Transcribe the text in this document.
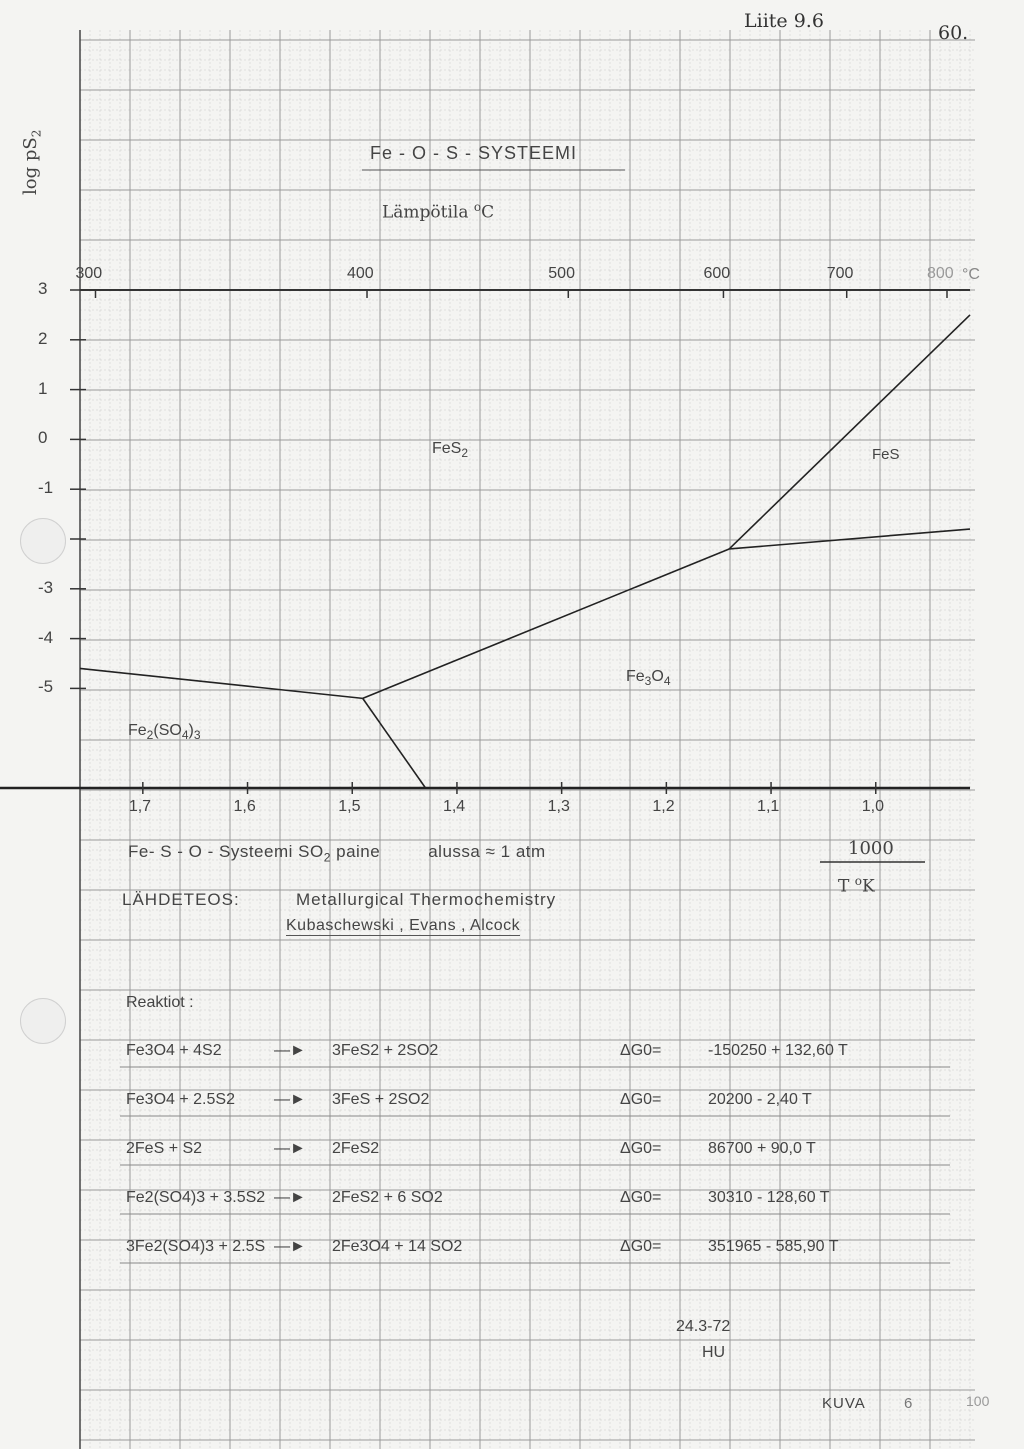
Liite 9.6
60.
$\log pS_2$
Fe - O - S - SYSTEEMI
Lämpötila $^o$C
3
2
1
0
-1
-3
-4
-5
1,7	1,6	1,5	1,4	1,3	1,2	1,1	1,0
300	400	500	600	700	800 °C
FeS$_2$	FeS
$Fe_3O_4$
$Fe_2(SO_4)_3$
1000
T $^o$K
Fe- S - O - Systeemi $SO_2$ paine	alussa ≈ 1 atm
LÄHDETEOS:	Metallurgical Thermochemistry
Kubaschewski , Evans , Alcock
Reaktiot :
Fe3O4 + 4S2	—► 3FeS2 + 2SO2	ΔG0=	-150250 + 132,60 T
Fe3O4 + 2.5S2 —► 3FeS + 2SO2	ΔG0=	20200 - 2,40 T
2FeS + S2	—► 2FeS2	ΔG0=	86700 + 90,0 T
Fe2(SO4)3 + 3.5S2 —► 2FeS2 + 6 SO2	ΔG0=	30310 - 128,60 T
3Fe2(SO4)3 + 2.5S —► 2Fe3O4 + 14 SO2	ΔG0=	351965 - 585,90 T
24.3-72
HU
KUVA	6	100
